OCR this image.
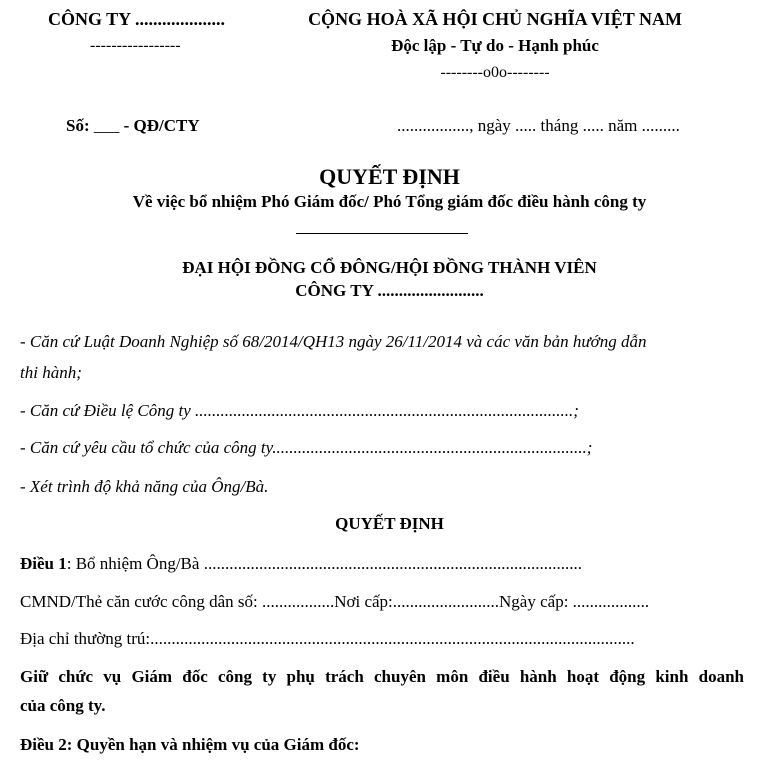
CÔNG TY ....................
-----------------
CỘNG HOÀ XÃ HỘI CHỦ NGHĨA VIỆT NAM
Độc lập - Tự do - Hạnh phúc
--------o0o--------
Số: ___ - QĐ/CTY	................., ngày ..... tháng ..... năm .........
QUYẾT ĐỊNH
Về việc bổ nhiệm Phó Giám đốc/ Phó Tổng giám đốc điều hành công ty
ĐẠI HỘI ĐỒNG CỔ ĐÔNG/HỘI ĐỒNG THÀNH VIÊN
CÔNG TY .........................
- Căn cứ Luật Doanh Nghiệp số 68/2014/QH13 ngày 26/11/2014 và các văn bản hướng dẫn
thi hành;
- Căn cứ Điều lệ Công ty .........................................................................................;
- Căn cứ yêu cầu tổ chức của công ty..........................................................................;
- Xét trình độ khả năng của Ông/Bà.
QUYẾT ĐỊNH
Điều 1: Bổ nhiệm Ông/Bà .........................................................................................
CMND/Thẻ căn cước công dân số: .................Nơi cấp:.........................Ngày cấp: ..................
Địa chỉ thường trú:..................................................................................................................
Giữ chức vụ Giám đốc công ty phụ trách chuyên môn điều hành hoạt động kinh doanh
của công ty.
Điều 2: Quyền hạn và nhiệm vụ của Giám đốc:
